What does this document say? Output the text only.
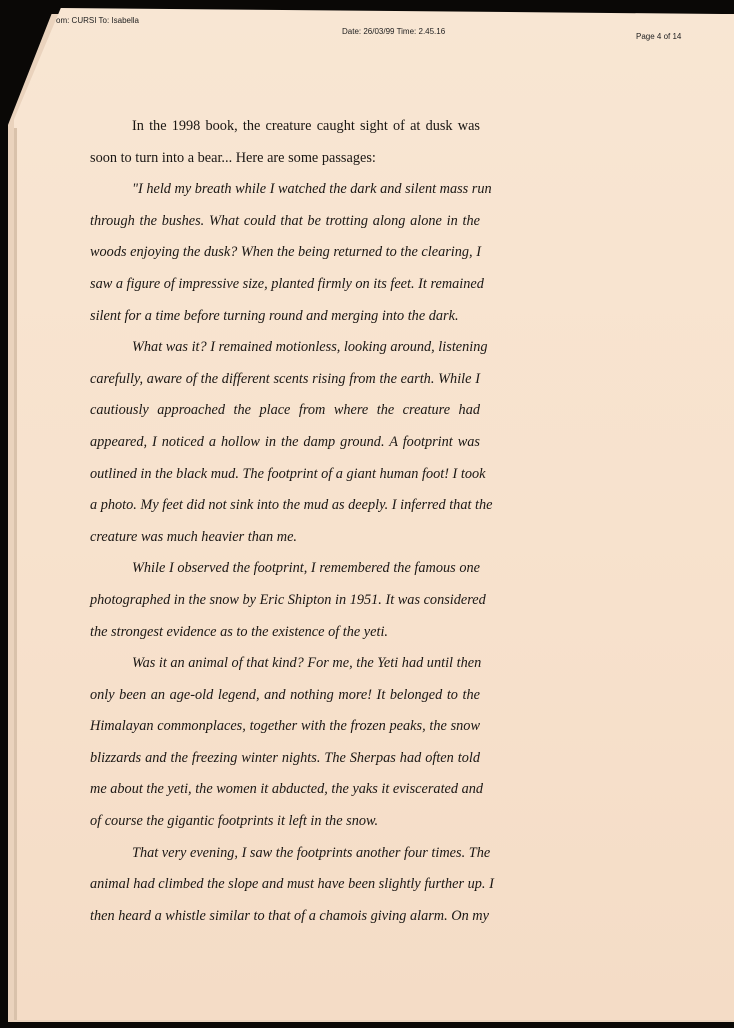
om: CURSI To: Isabella
Date: 26/03/99 Time: 2.45.16
Page 4 of 14
In the 1998 book, the creature caught sight of at dusk was
soon to turn into a bear... Here are some passages:
"I held my breath while I watched the dark and silent mass run
through the bushes. What could that be trotting along alone in the
woods enjoying the dusk? When the being returned to the clearing, I
saw a figure of impressive size, planted firmly on its feet. It remained
silent for a time before turning round and merging into the dark.
What was it? I remained motionless, looking around, listening
carefully, aware of the different scents rising from the earth. While I
cautiously approached the place from where the creature had
appeared, I noticed a hollow in the damp ground. A footprint was
outlined in the black mud. The footprint of a giant human foot! I took
a photo. My feet did not sink into the mud as deeply. I inferred that the
creature was much heavier than me.
While I observed the footprint, I remembered the famous one
photographed in the snow by Eric Shipton in 1951. It was considered
the strongest evidence as to the existence of the yeti.
Was it an animal of that kind? For me, the Yeti had until then
only been an age-old legend, and nothing more! It belonged to the
Himalayan commonplaces, together with the frozen peaks, the snow
blizzards and the freezing winter nights. The Sherpas had often told
me about the yeti, the women it abducted, the yaks it eviscerated and
of course the gigantic footprints it left in the snow.
That very evening, I saw the footprints another four times. The
animal had climbed the slope and must have been slightly further up. I
then heard a whistle similar to that of a chamois giving alarm. On my
